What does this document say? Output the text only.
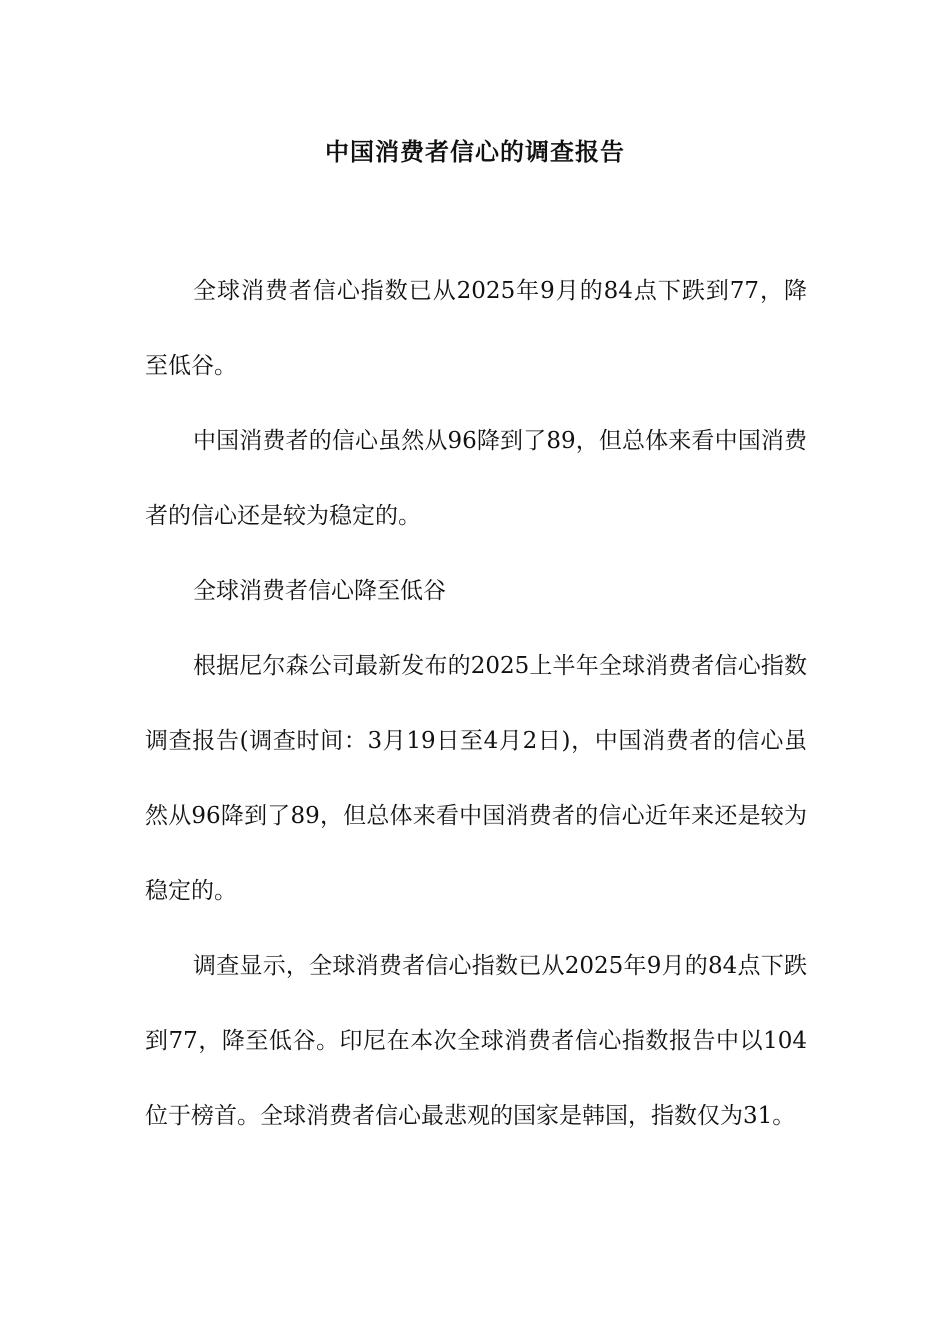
中国消费者信心的调查报告

全球消费者信心指数已从2025年9月的84点下跌到77，降至低谷。

中国消费者的信心虽然从96降到了89，但总体来看中国消费者的信心还是较为稳定的。

全球消费者信心降至低谷

根据尼尔森公司最新发布的2025上半年全球消费者信心指数调查报告(调查时间：3月19日至4月2日)，中国消费者的信心虽然从96降到了89，但总体来看中国消费者的信心近年来还是较为稳定的。

调查显示，全球消费者信心指数已从2025年9月的84点下跌到77，降至低谷。印尼在本次全球消费者信心指数报告中以104位于榜首。全球消费者信心最悲观的国家是韩国，指数仅为31。
